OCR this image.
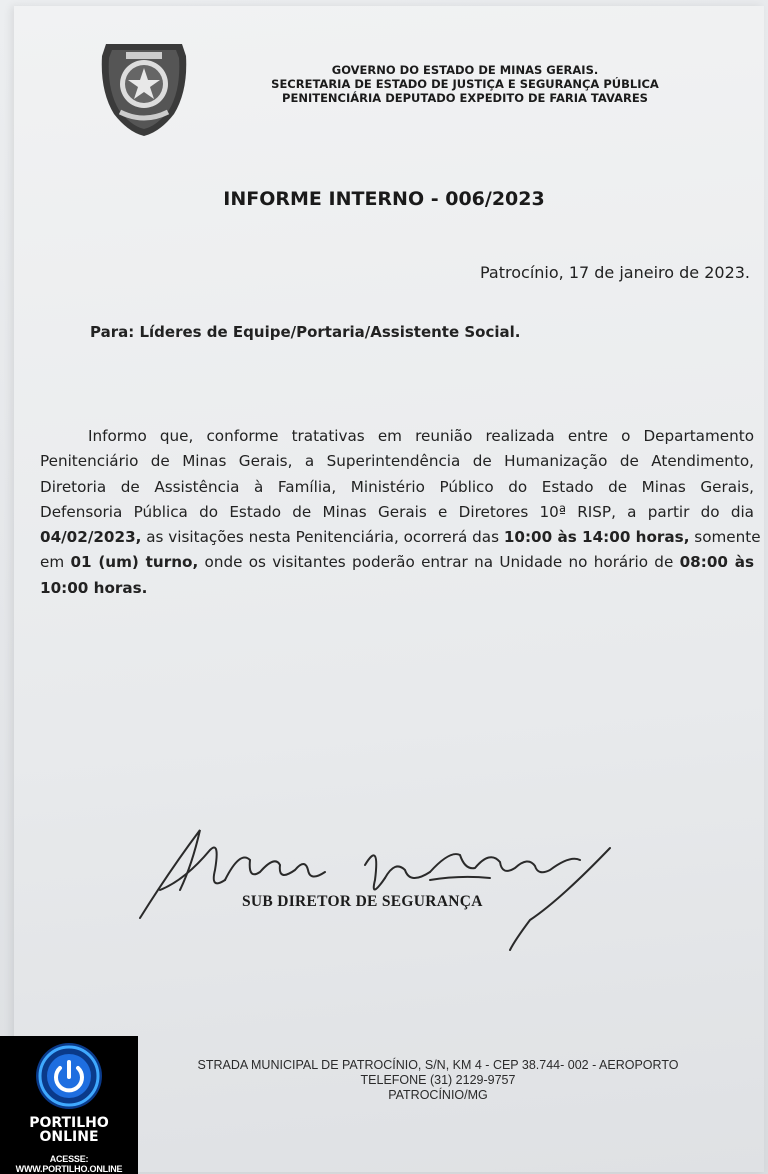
GOVERNO DO ESTADO DE MINAS GERAIS.
SECRETARIA DE ESTADO DE JUSTIÇA E SEGURANÇA PÚBLICA
PENITENCIÁRIA DEPUTADO EXPEDITO DE FARIA TAVARES
INFORME INTERNO - 006/2023
Patrocínio, 17 de janeiro de 2023.
Para: Líderes de Equipe/Portaria/Assistente Social.
Informo que, conforme tratativas em reunião realizada entre o Departamento
Penitenciário de Minas Gerais, a Superintendência de Humanização de Atendimento,
Diretoria de Assistência à Família, Ministério Público do Estado de Minas Gerais,
Defensoria Pública do Estado de Minas Gerais e Diretores 10ª RISP, a partir do dia
04/02/2023, as visitações nesta Penitenciária, ocorrerá das 10:00 às 14:00 horas, somente
em 01 (um) turno, onde os visitantes poderão entrar na Unidade no horário de 08:00 às
10:00 horas.
SUB DIRETOR DE SEGURANÇA
STRADA MUNICIPAL DE PATROCÍNIO, S/N, KM 4 - CEP 38.744- 002 - AEROPORTO
TELEFONE (31) 2129-9757
PATROCÍNIO/MG
PORTILHO
ONLINE
ACESSE: WWW.PORTILHO.ONLINE
